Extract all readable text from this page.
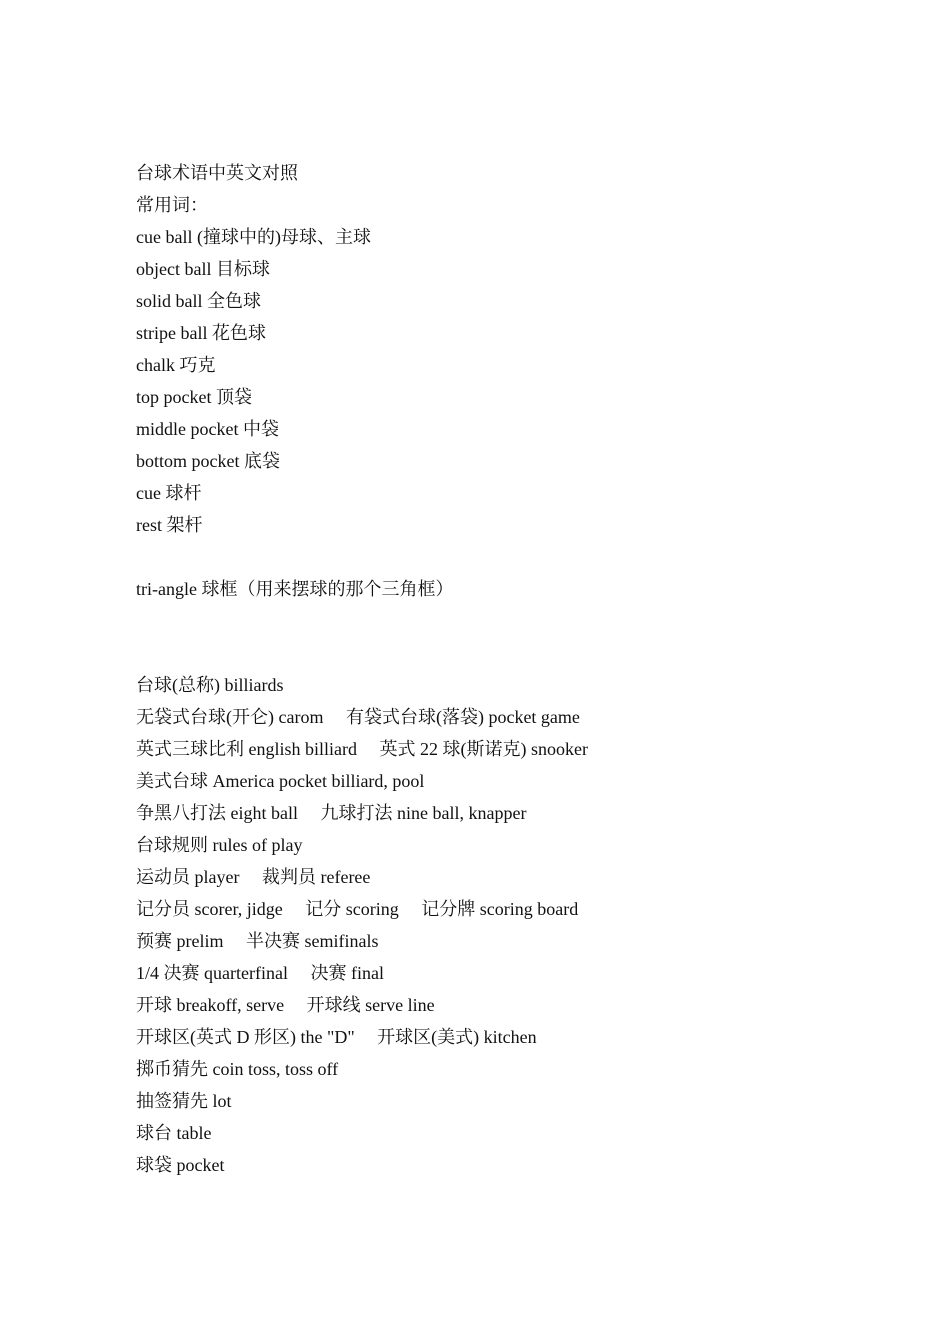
台球术语中英文对照
常用词：
cue ball (撞球中的)母球、主球
object ball 目标球
solid ball 全色球
stripe ball 花色球
chalk 巧克
top pocket 顶袋
middle pocket 中袋
bottom pocket 底袋
cue 球杆
rest 架杆
tri-angle 球框（用来摆球的那个三角框）
台球(总称) billiards
无袋式台球(开仑) carom     有袋式台球(落袋) pocket game
英式三球比利 english billiard     英式 22 球(斯诺克) snooker
美式台球 America pocket billiard, pool
争黑八打法 eight ball     九球打法 nine ball, knapper
台球规则 rules of play
运动员 player     裁判员 referee
记分员 scorer, jidge     记分 scoring     记分牌 scoring board
预赛 prelim     半决赛 semifinals
1/4 决赛 quarterfinal     决赛 final
开球 breakoff, serve     开球线 serve line
开球区(英式 D 形区) the "D"     开球区(美式) kitchen
掷币猜先 coin toss, toss off
抽签猜先 lot
球台 table
球袋 pocket
